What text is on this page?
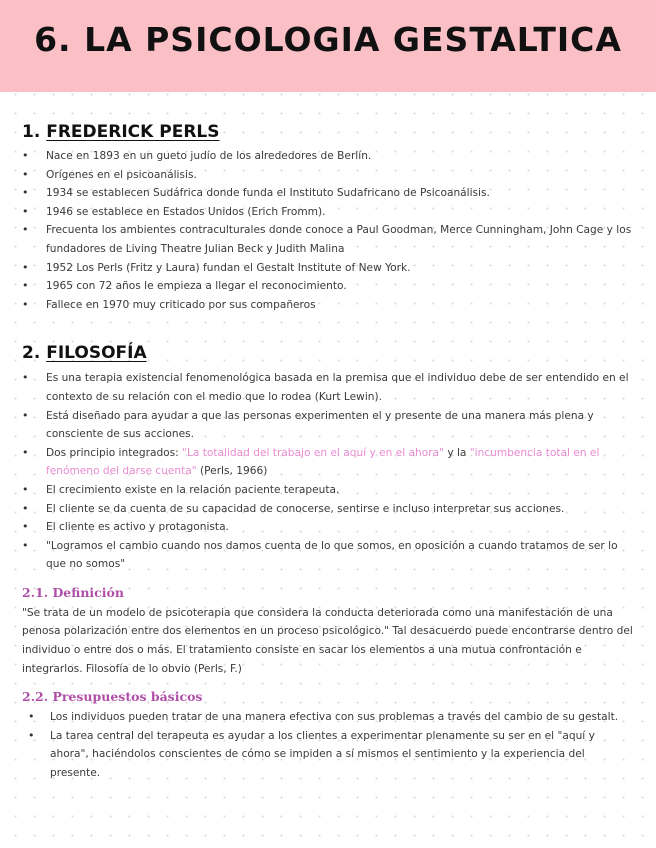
6. LA PSICOLOGIA GESTALTICA
1. FREDERICK PERLS
• Nace en 1893 en un gueto judío de los alrededores de Berlín.
• Orígenes en el psicoanálisis.
• 1934 se establecen Sudáfrica donde funda el Instituto Sudafricano de Psicoanálisis.
• 1946 se establece en Estados Unidos (Erich Fromm).
• Frecuenta los ambientes contraculturales donde conoce a Paul Goodman, Merce Cunningham, John Cage y los fundadores de Living Theatre Julian Beck y Judith Malina
• 1952 Los Perls (Fritz y Laura) fundan el Gestalt Institute of New York.
• 1965 con 72 años le empieza a llegar el reconocimiento.
• Fallece en 1970 muy criticado por sus compañeros
2. FILOSOFÍA
• Es una terapia existencial fenomenológica basada en la premisa que el individuo debe de ser entendido en el contexto de su relación con el medio que lo rodea (Kurt Lewin).
• Está diseñado para ayudar a que las personas experimenten el y presente de una manera más plena y consciente de sus acciones.
• Dos principio integrados: "La totalidad del trabajo en el aquí y en el ahora" y la "incumbencia total en el fenómeno del darse cuenta" (Perls, 1966)
• El crecimiento existe en la relación paciente terapeuta.
• El cliente se da cuenta de su capacidad de conocerse, sentirse e incluso interpretar sus acciones.
• El cliente es activo y protagonista.
• "Logramos el cambio cuando nos damos cuenta de lo que somos, en oposición a cuando tratamos de ser lo que no somos"
2.1. Definición

"Se trata de un modelo de psicoterapia que considera la conducta deteriorada como una manifestación de una penosa polarización entre dos elementos en un proceso psicológico." Tal desacuerdo puede encontrarse dentro del individuo o entre dos o más. El tratamiento consiste en sacar los elementos a una mutua confrontación e integrarlos. Filosofía de lo obvio (Perls, F.)

2.2. Presupuestos básicos
• Los individuos pueden tratar de una manera efectiva con sus problemas a través del cambio de su gestalt.
• La tarea central del terapeuta es ayudar a los clientes a experimentar plenamente su ser en el "aquí y ahora", haciéndolos conscientes de cómo se impiden a sí mismos el sentimiento y la experiencia del presente.
